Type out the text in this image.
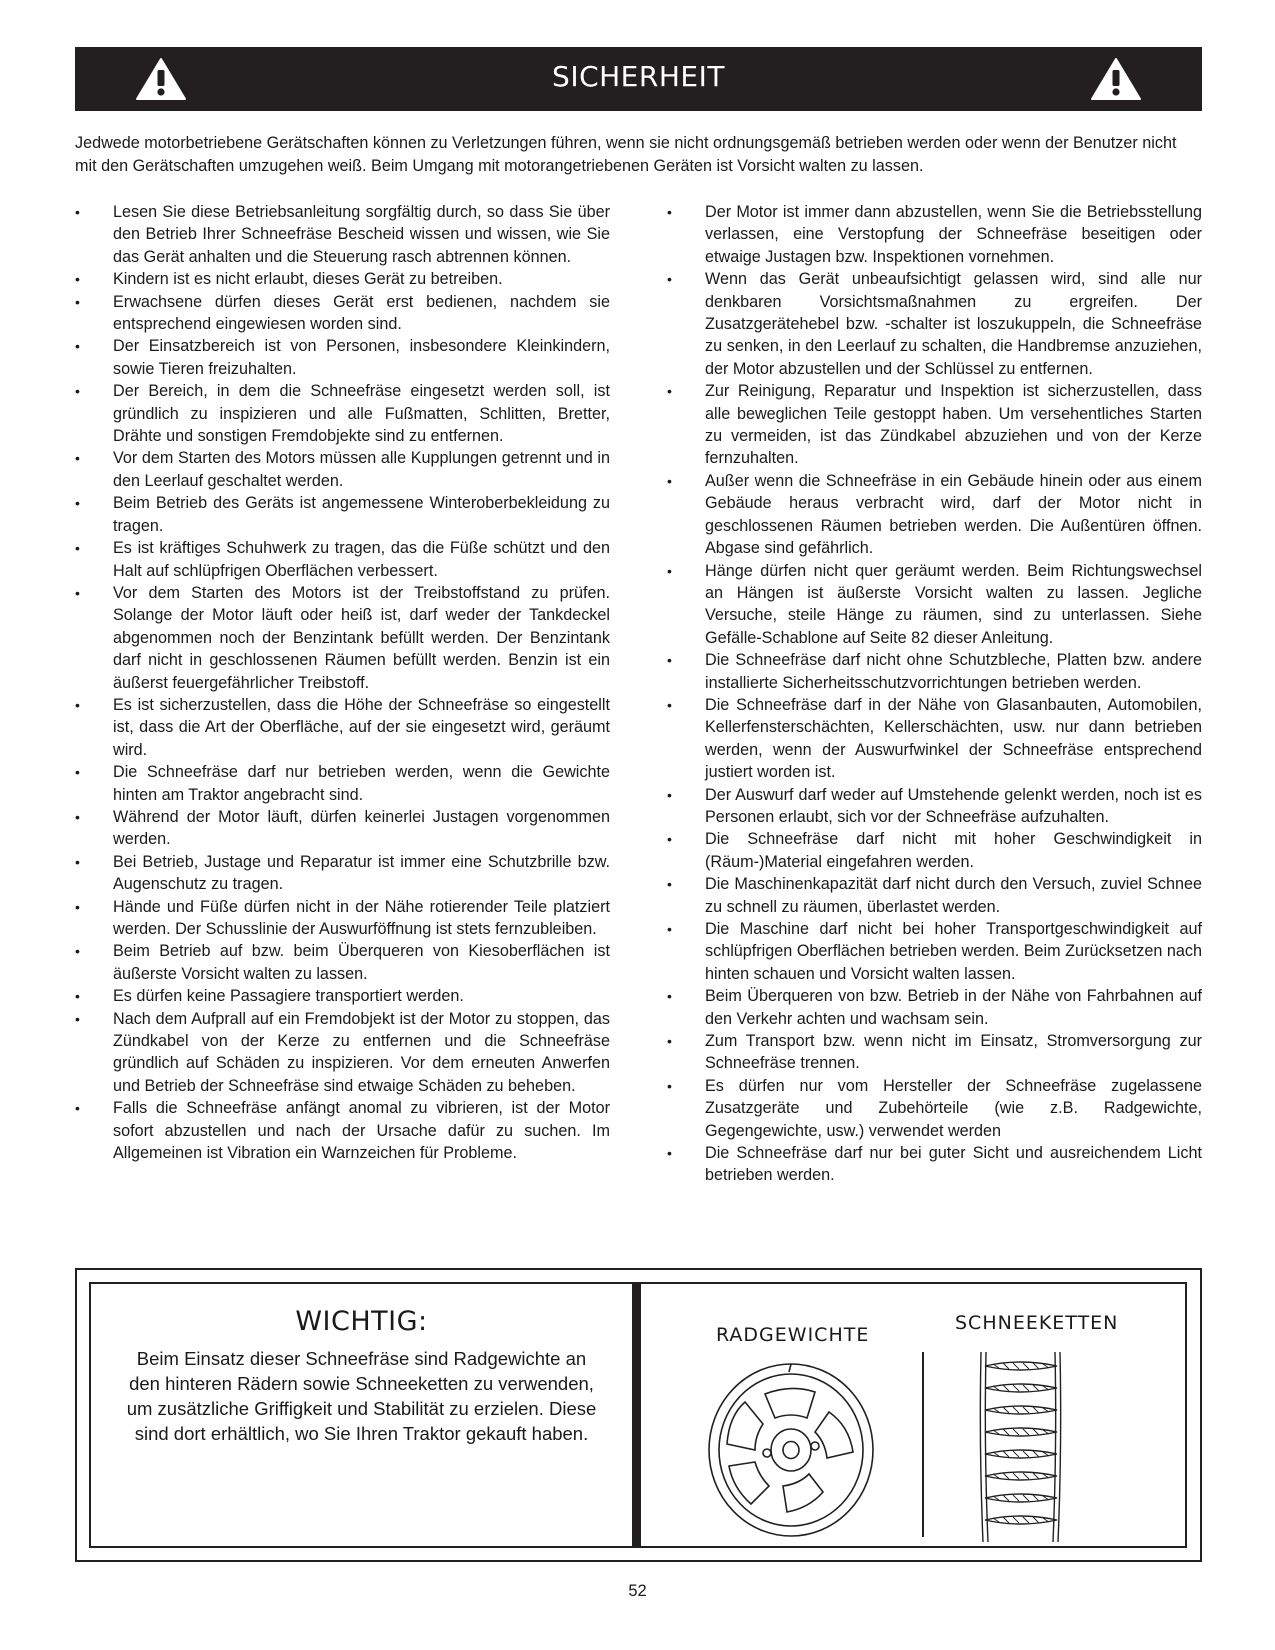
SICHERHEIT

Jedwede motorbetriebene Gerätschaften können zu Verletzungen führen, wenn sie nicht ordnungsgemäß betrieben werden oder wenn der Benutzer nicht mit den Gerätschaften umzugehen weiß. Beim Umgang mit motorangetriebenen Geräten ist Vorsicht walten zu lassen.

•	Lesen Sie diese Betriebsanleitung sorgfältig durch, so dass Sie über den Betrieb Ihrer Schneefräse Bescheid wissen und wissen, wie Sie das Gerät anhalten und die Steuerung rasch abtrennen können.
•	Kindern ist es nicht erlaubt, dieses Gerät zu betreiben.
•	Erwachsene dürfen dieses Gerät erst bedienen, nachdem sie entsprechend eingewiesen worden sind.
•	Der Einsatzbereich ist von Personen, insbesondere Kleinkindern, sowie Tieren freizuhalten.
•	Der Bereich, in dem die Schneefräse eingesetzt werden soll, ist gründlich zu inspizieren und alle Fußmatten, Schlitten, Bretter, Drähte und sonstigen Fremdobjekte sind zu entfernen.
•	Vor dem Starten des Motors müssen alle Kupplungen getrennt und in den Leerlauf geschaltet werden.
•	Beim Betrieb des Geräts ist angemessene Winteroberbekleidung zu tragen.
•	Es ist kräftiges Schuhwerk zu tragen, das die Füße schützt und den Halt auf schlüpfrigen Oberflächen verbessert.
•	Vor dem Starten des Motors ist der Treibstoffstand zu prüfen. Solange der Motor läuft oder heiß ist, darf weder der Tankdeckel abgenommen noch der Benzintank befüllt werden. Der Benzintank darf nicht in geschlossenen Räumen befüllt werden. Benzin ist ein äußerst feuergefährlicher Treibstoff.
•	Es ist sicherzustellen, dass die Höhe der Schneefräse so eingestellt ist, dass die Art der Oberfläche, auf der sie eingesetzt wird, geräumt wird.
•	Die Schneefräse darf nur betrieben werden, wenn die Gewichte hinten am Traktor angebracht sind.
•	Während der Motor läuft, dürfen keinerlei Justagen vorgenommen werden.
•	Bei Betrieb, Justage und Reparatur ist immer eine Schutzbrille bzw. Augenschutz zu tragen.
•	Hände und Füße dürfen nicht in der Nähe rotierender Teile platziert werden. Der Schusslinie der Auswurföffnung ist stets fernzubleiben.
•	Beim Betrieb auf bzw. beim Überqueren von Kiesoberflächen ist äußerste Vorsicht walten zu lassen.
•	Es dürfen keine Passagiere transportiert werden.
•	Nach dem Aufprall auf ein Fremdobjekt ist der Motor zu stoppen, das Zündkabel von der Kerze zu entfernen und die Schneefräse gründlich auf Schäden zu inspizieren. Vor dem erneuten Anwerfen und Betrieb der Schneefräse sind etwaige Schäden zu beheben.
•	Falls die Schneefräse anfängt anomal zu vibrieren, ist der Motor sofort abzustellen und nach der Ursache dafür zu suchen. Im Allgemeinen ist Vibration ein Warnzeichen für Probleme.
•	Der Motor ist immer dann abzustellen, wenn Sie die Betriebsstellung verlassen, eine Verstopfung der Schneefräse beseitigen oder etwaige Justagen bzw. Inspektionen vornehmen.
•	Wenn das Gerät unbeaufsichtigt gelassen wird, sind alle nur denkbaren Vorsichtsmaßnahmen zu ergreifen. Der Zusatzgerätehebel bzw. -schalter ist loszukuppeln, die Schneefräse zu senken, in den Leerlauf zu schalten, die Handbremse anzuziehen, der Motor abzustellen und der Schlüssel zu entfernen.
•	Zur Reinigung, Reparatur und Inspektion ist sicherzustellen, dass alle beweglichen Teile gestoppt haben. Um versehentliches Starten zu vermeiden, ist das Zündkabel abzuziehen und von der Kerze fernzuhalten.
•	Außer wenn die Schneefräse in ein Gebäude hinein oder aus einem Gebäude heraus verbracht wird, darf der Motor nicht in geschlossenen Räumen betrieben werden. Die Außentüren öffnen. Abgase sind gefährlich.
•	Hänge dürfen nicht quer geräumt werden. Beim Richtungswechsel an Hängen ist äußerste Vorsicht walten zu lassen. Jegliche Versuche, steile Hänge zu räumen, sind zu unterlassen. Siehe Gefälle-Schablone auf Seite 82 dieser Anleitung.
•	Die Schneefräse darf nicht ohne Schutzbleche, Platten bzw. andere installierte Sicherheitsschutzvorrichtungen betrieben werden.
•	Die Schneefräse darf in der Nähe von Glasanbauten, Automobilen, Kellerfensterschächten, Kellerschächten, usw. nur dann betrieben werden, wenn der Auswurfwinkel der Schneefräse entsprechend justiert worden ist.
•	Der Auswurf darf weder auf Umstehende gelenkt werden, noch ist es Personen erlaubt, sich vor der Schneefräse aufzuhalten.
•	Die Schneefräse darf nicht mit hoher Geschwindigkeit in (Räum-)Material eingefahren werden.
•	Die Maschinenkapazität darf nicht durch den Versuch, zuviel Schnee zu schnell zu räumen, überlastet werden.
•	Die Maschine darf nicht bei hoher Transportgeschwindigkeit auf schlüpfrigen Oberflächen betrieben werden. Beim Zurücksetzen nach hinten schauen und Vorsicht walten lassen.
•	Beim Überqueren von bzw. Betrieb in der Nähe von Fahrbahnen auf den Verkehr achten und wachsam sein.
•	Zum Transport bzw. wenn nicht im Einsatz, Stromversorgung zur Schneefräse trennen.
•	Es dürfen nur vom Hersteller der Schneefräse zugelassene Zusatzgeräte und Zubehörteile (wie z.B. Radgewichte, Gegengewichte, usw.) verwendet werden
•	Die Schneefräse darf nur bei guter Sicht und ausreichendem Licht betrieben werden.
WICHTIG:

Beim Einsatz dieser Schneefräse sind Radgewichte an den hinteren Rädern sowie Schneeketten zu verwenden, um zusätzliche Griffigkeit und Stabilität zu erzielen. Diese sind dort erhältlich, wo Sie Ihren Traktor gekauft haben.

RADGEWICHTE
SCHNEEKETTEN
52
